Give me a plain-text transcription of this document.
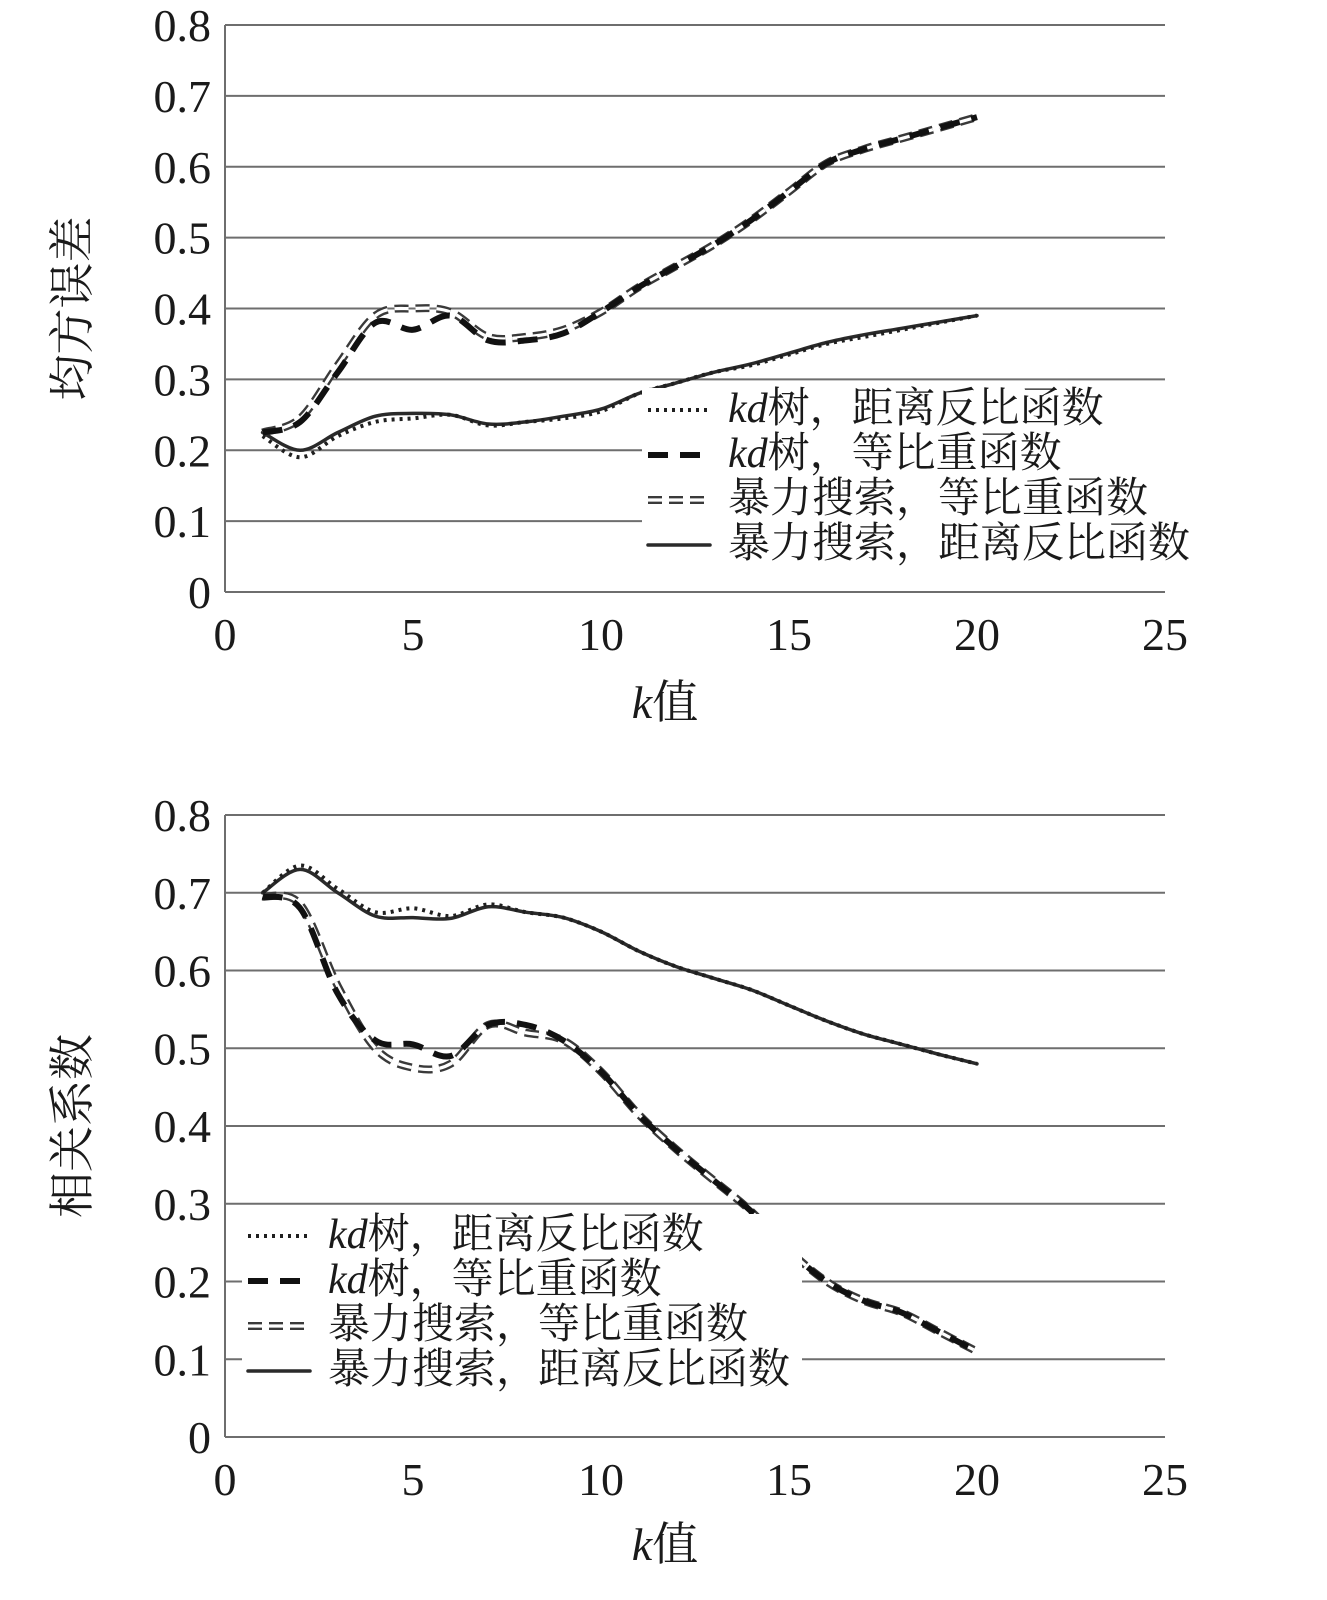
0
0.1
0.2
0.3
0.4
0.5
0.6
0.7
0.8
0	5	10	15	20	25
k值
均方误差
kd树，距离反比函数
kd树，等比重函数
暴力搜索，等比重函数
暴力搜索，距离反比函数
0
0.1
0.2
0.3
0.4
0.5
0.6
0.7
0.8
0	5	10	15	20	25
k值
相关系数
kd树，距离反比函数
kd树，等比重函数
暴力搜索，等比重函数
暴力搜索，距离反比函数
